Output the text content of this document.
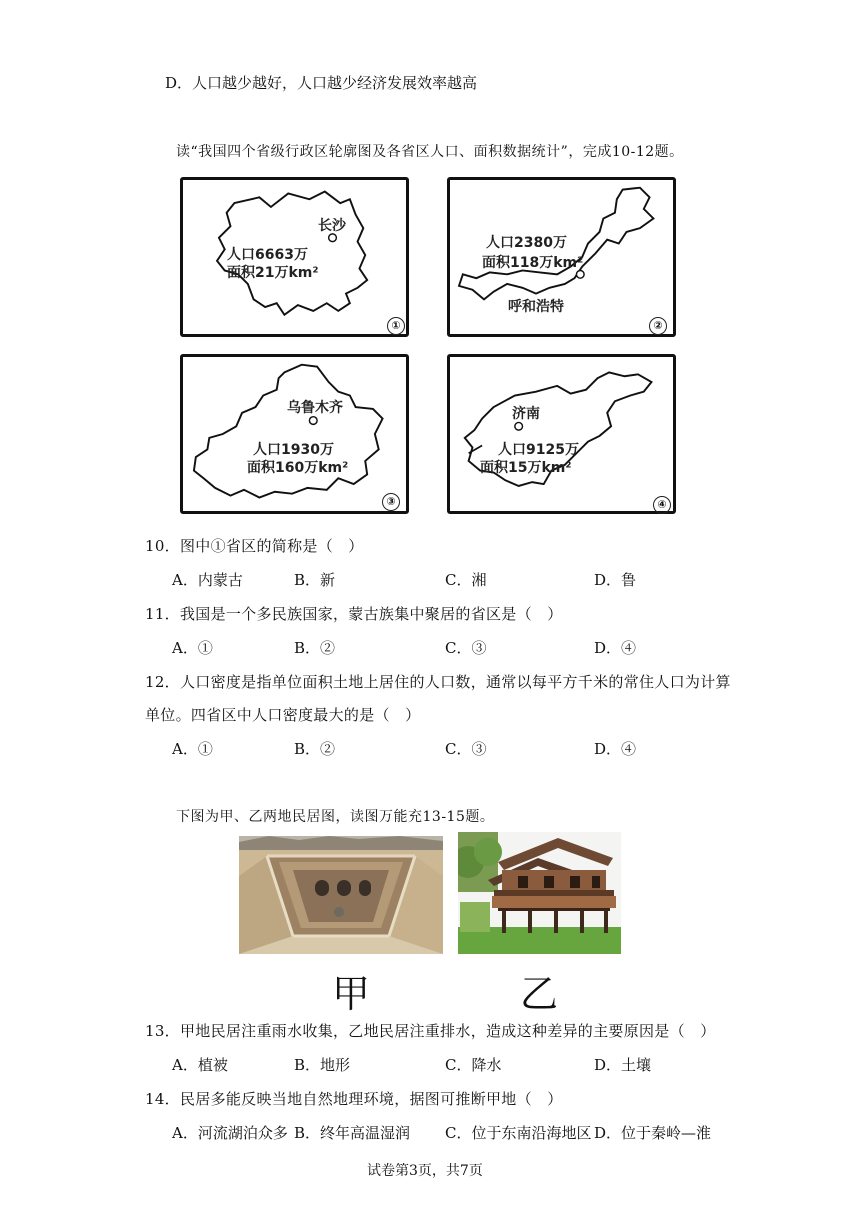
D．人口越少越好，人口越少经济发展效率越高
读“我国四个省级行政区轮廓图及各省区人口、面积数据统计”，完成10-12题。
长沙
人口6663万
面积21万km²
①
人口2380万
面积118万km²
呼和浩特
②
乌鲁木齐
人口1930万
面积160万km²
③
济南
人口9125万
面积15万km²
④
10．图中①省区的简称是（　）
A．内蒙古	B．新	C．湘	D．鲁
11．我国是一个多民族国家，蒙古族集中聚居的省区是（　）
A．①	B．②	C．③	D．④
12．人口密度是指单位面积土地上居住的人口数，通常以每平方千米的常住人口为计算
单位。四省区中人口密度最大的是（　）
A．①	B．②	C．③	D．④
下图为甲、乙两地民居图，读图万能充13-15题。
甲	乙
13．甲地民居注重雨水收集，乙地民居注重排水，造成这种差异的主要原因是（　）
A．植被	B．地形	C．降水	D．土壤
14．民居多能反映当地自然地理环境，据图可推断甲地（　）
A．河流湖泊众多 B．终年高温湿润 C．位于东南沿海地区 D．位于秦岭—淮
试卷第3页，共7页
